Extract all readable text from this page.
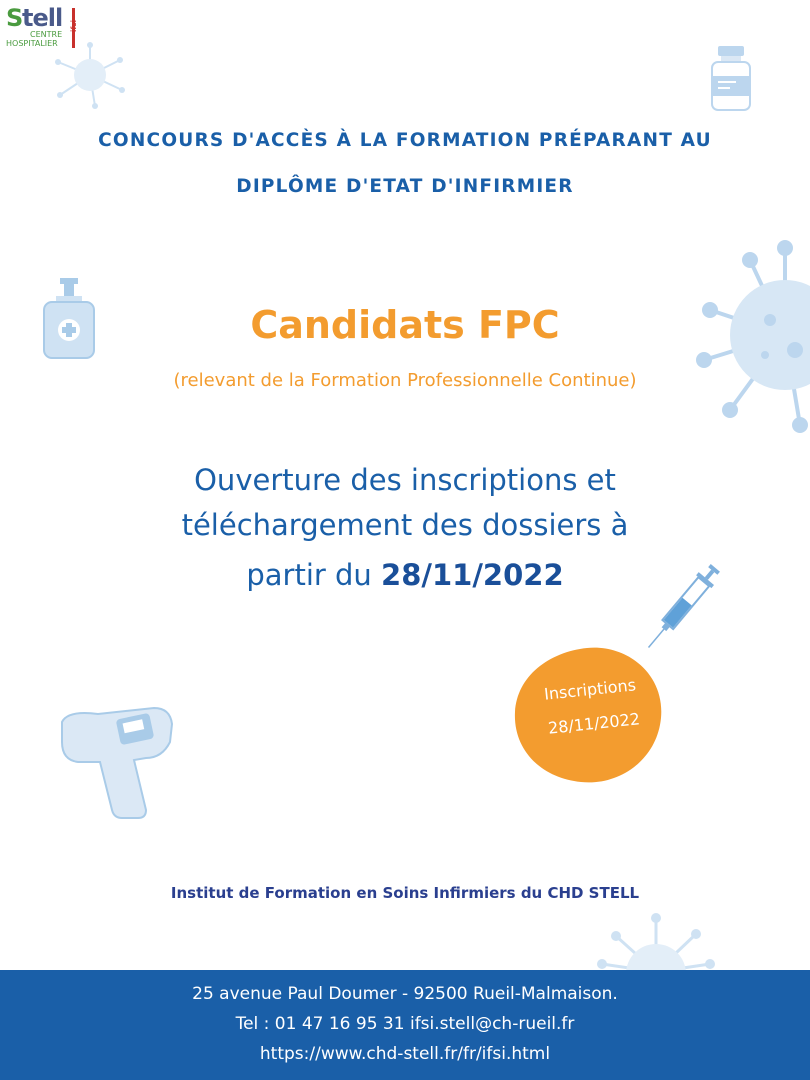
S tell
CENTRE
HOSPITALIER
ifsi
CONCOURS D'ACCÈS À LA FORMATION PRÉPARANT AU
DIPLÔME D'ETAT D'INFIRMIER
Candidats FPC
(relevant de la Formation Professionnelle Continue)
Ouverture des inscriptions et
téléchargement des dossiers à
partir du 28/11/2022
Inscriptions
28/11/2022
Institut de Formation en Soins Infirmiers du CHD STELL
25 avenue Paul Doumer - 92500 Rueil-Malmaison.
Tel : 01 47 16 95 31 ifsi.stell@ch-rueil.fr
https://www.chd-stell.fr/fr/ifsi.html
